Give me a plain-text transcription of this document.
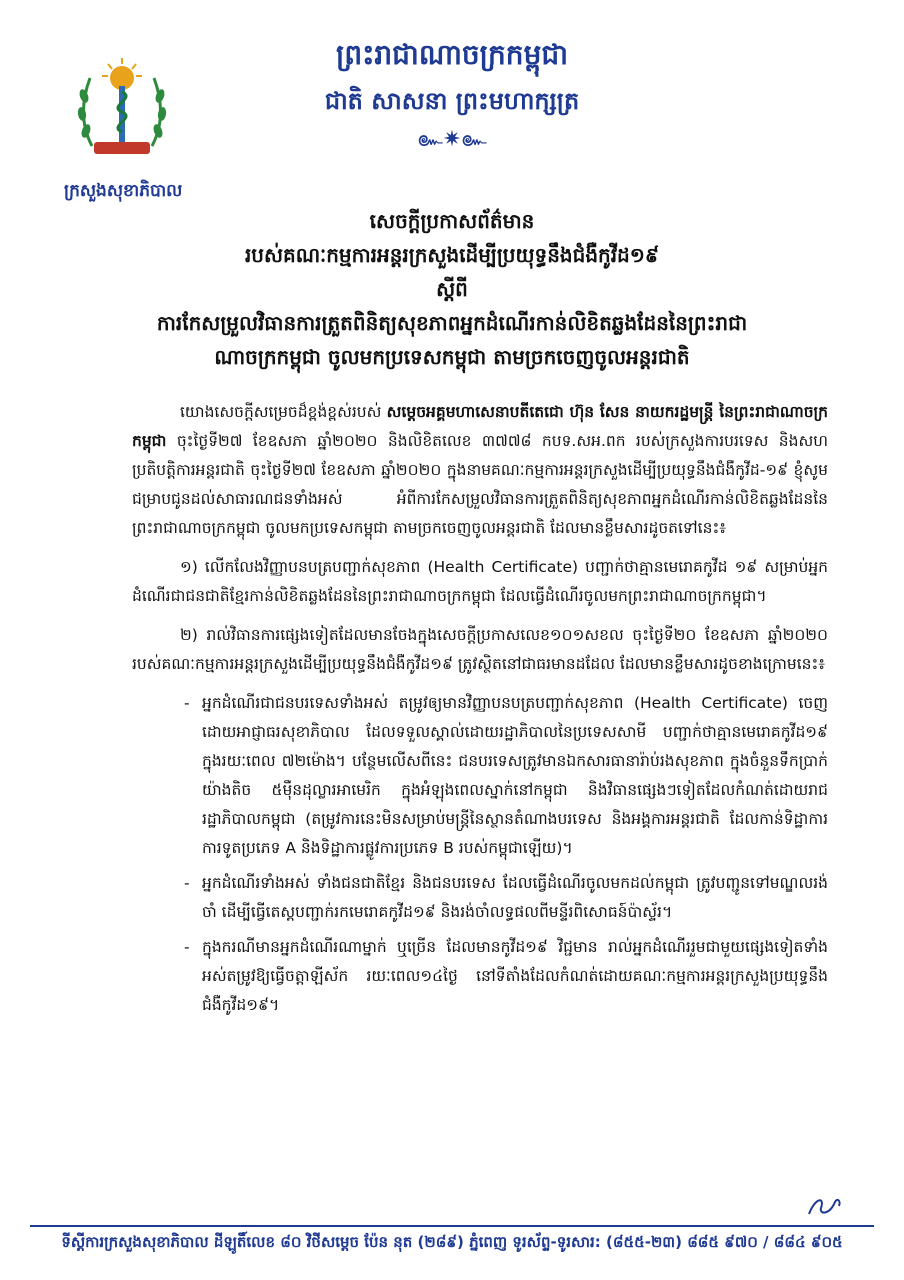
ព្រះរាជាណាចក្រកម្ពុជា
ជាតិ សាសនា ព្រះមហាក្សត្រ
๛✷๛
ក្រសួងសុខាភិបាល
សេចក្តីប្រកាសព័ត៌មាន
របស់គណៈកម្មការអន្តរក្រសួងដើម្បីប្រយុទ្ធនឹងជំងឺកូវីដ១៩
ស្តីពី
ការកែសម្រួលវិធានការត្រួតពិនិត្យសុខភាពអ្នកដំណើរកាន់លិខិតឆ្លងដែននៃព្រះរាជា
ណាចក្រកម្ពុជា ចូលមកប្រទេសកម្ពុជា តាមច្រកចេញចូលអន្តរជាតិ

យោងសេចក្តីសម្រេចដ៏ខ្ពង់ខ្ពស់របស់ សម្តេចអគ្គមហាសេនាបតីតេជោ ហ៊ុន សែន នាយករដ្ឋមន្ត្រី នៃព្រះរាជាណាចក្រកម្ពុជា ចុះថ្ងៃទី២៧ ខែឧសភា ឆ្នាំ២០២០ និងលិខិតលេខ ៣៧៧៨ កបទ.សអ.ពក របស់ក្រសួងការបរទេស និងសហប្រតិបត្តិការអន្តរជាតិ ចុះថ្ងៃទី២៧ ខែឧសភា ឆ្នាំ២០២០ ក្នុងនាមគណៈកម្មការអន្តរក្រសួងដើម្បីប្រយុទ្ធនឹងជំងឺកូវីដ-១៩ ខ្ញុំសូមជម្រាបជូនដល់សាធារណជនទាំងអស់ អំពីការកែសម្រួលវិធានការត្រួតពិនិត្យសុខភាពអ្នកដំណើរកាន់លិខិតឆ្លងដែននៃព្រះរាជាណាចក្រកម្ពុជា ចូលមកប្រទេសកម្ពុជា តាមច្រកចេញចូលអន្តរជាតិ ដែលមានខ្លឹមសារដូចតទៅនេះ៖

១) លើកលែងវិញ្ញាបនបត្របញ្ជាក់សុខភាព (Health Certificate) បញ្ជាក់ថាគ្មានមេរោគកូវីដ ១៩ សម្រាប់អ្នកដំណើរជាជនជាតិខ្មែរកាន់លិខិតឆ្លងដែននៃព្រះរាជាណាចក្រកម្ពុជា ដែលធ្វើដំណើរចូលមកព្រះរាជាណាចក្រកម្ពុជា។

២) រាល់វិធានការផ្សេងទៀតដែលមានចែងក្នុងសេចក្តីប្រកាសលេខ១០១សខល ចុះថ្ងៃទី២០ ខែឧសភា ឆ្នាំ២០២០ របស់គណៈកម្មការអន្តរក្រសួងដើម្បីប្រយុទ្ធនឹងជំងឺកូវីដ១៩ ត្រូវស្ថិតនៅជាធរមានដដែល ដែលមានខ្លឹមសារដូចខាងក្រោមនេះ៖

- អ្នកដំណើរជាជនបរទេសទាំងអស់ តម្រូវឲ្យមានវិញ្ញាបនបត្របញ្ជាក់សុខភាព (Health Certificate) ចេញដោយអាជ្ញាធរសុខាភិបាល ដែលទទួលស្គាល់ដោយរដ្ឋាភិបាលនៃប្រទេសសាមី បញ្ជាក់ថាគ្មានមេរោគកូវីដ១៩ ក្នុងរយៈពេល ៧២ម៉ោង។ បន្ថែមលើសពីនេះ ជនបរទេសត្រូវមានឯកសារធានារ៉ាប់រងសុខភាព ក្នុងចំនួនទឹកប្រាក់យ៉ាងតិច ៥ម៉ឺនដុល្លារអាមេរិក ក្នុងអំឡុងពេលស្នាក់នៅកម្ពុជា និងវិធានផ្សេងៗទៀតដែលកំណត់ដោយរាជរដ្ឋាភិបាលកម្ពុជា (តម្រូវការនេះមិនសម្រាប់មន្ត្រីនៃស្ថានតំណាងបរទេស និងអង្គការអន្តរជាតិ ដែលកាន់ទិដ្ឋាការការទូតប្រភេទ A និងទិដ្ឋាការផ្លូវការប្រភេទ B របស់កម្ពុជាឡើយ)។
- អ្នកដំណើរទាំងអស់ ទាំងជនជាតិខ្មែរ និងជនបរទេស ដែលធ្វើដំណើរចូលមកដល់កម្ពុជា ត្រូវបញ្ជូនទៅមណ្ឌលរង់ចាំ ដើម្បីធ្វើតេស្តបញ្ជាក់រកមេរោគកូវីដ១៩ និងរង់ចាំលទ្ធផលពីមន្ទីរពិសោធន៍ប៉ាស្ទ័រ។
- ក្នុងករណីមានអ្នកដំណើរណាម្នាក់ ឬច្រើន ដែលមានកូវីដ១៩ វិជ្ជមាន រាល់អ្នកដំណើររួមជាមួយផ្សេងទៀតទាំងអស់តម្រូវឱ្យធ្វើចត្តាឡីស័ក រយៈពេល១៤ថ្ងៃ នៅទីតាំងដែលកំណត់ដោយគណៈកម្មការអន្តរក្រសួងប្រយុទ្ធនឹងជំងឺកូវីដ១៩។
ទីស្តីការក្រសួងសុខាភិបាល ដីឡូតិ៍លេខ ៨០ វិថីសម្តេច ប៉ែន នុត (២៨៩) ភ្នំពេញ ទូរស័ព្ទ-ទូរសារ: (៨៥៥-២៣) ៨៨៥ ៩៧០ / ៨៨៤ ៩០៥
